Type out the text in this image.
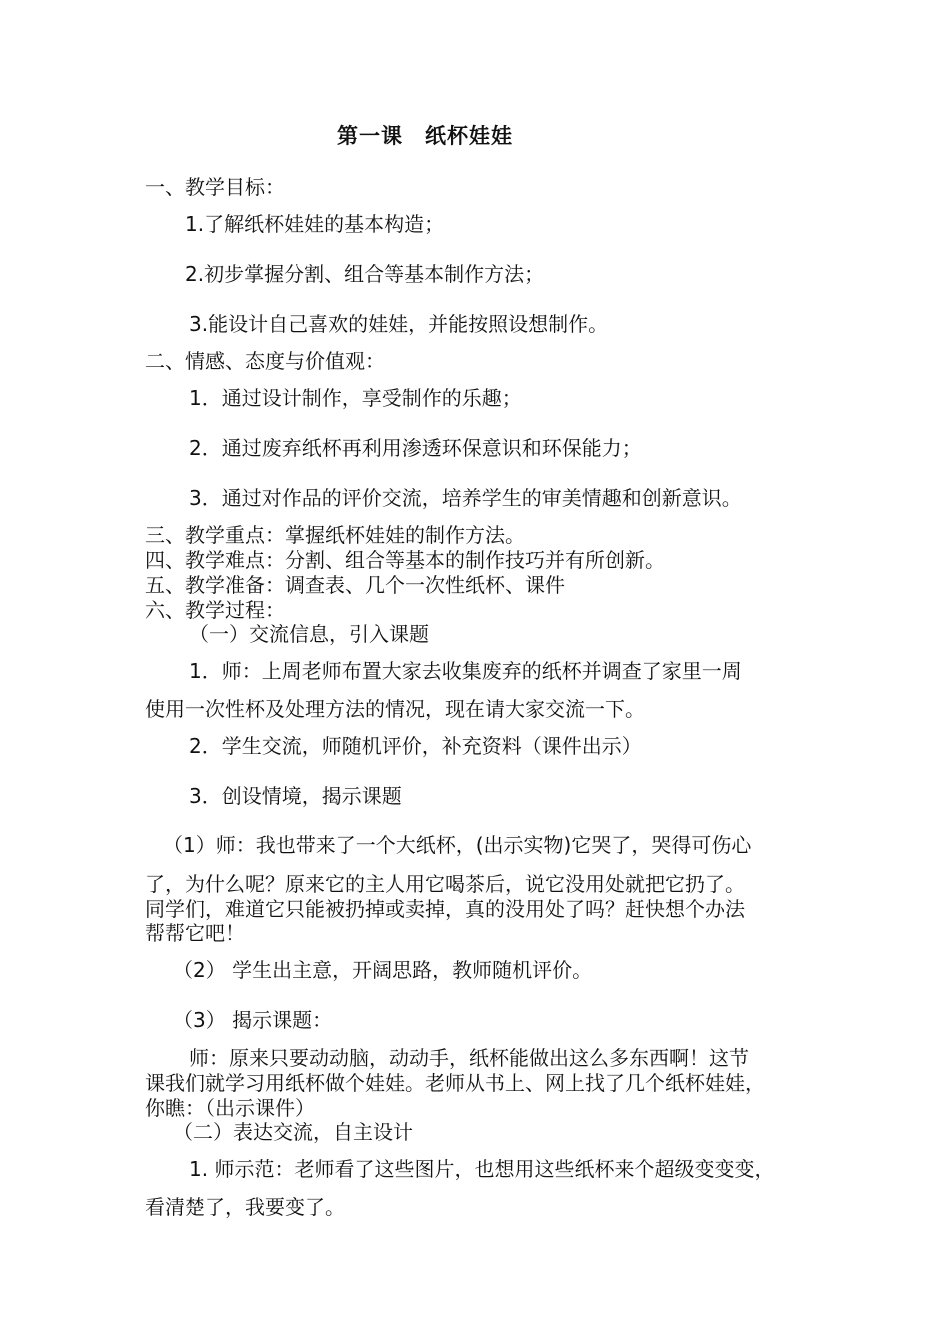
第一课　纸杯娃娃
一、教学目标：
1.了解纸杯娃娃的基本构造；
2.初步掌握分割、组合等基本制作方法；
3.能设计自己喜欢的娃娃，并能按照设想制作。
二、情感、态度与价值观：
1．通过设计制作，享受制作的乐趣；
2．通过废弃纸杯再利用渗透环保意识和环保能力；
3．通过对作品的评价交流，培养学生的审美情趣和创新意识。
三、教学重点：掌握纸杯娃娃的制作方法。
四、教学难点：分割、组合等基本的制作技巧并有所创新。
五、教学准备：调查表、几个一次性纸杯、课件
六、教学过程：
（一）交流信息，引入课题
1．师：上周老师布置大家去收集废弃的纸杯并调查了家里一周
使用一次性杯及处理方法的情况，现在请大家交流一下。
2．学生交流，师随机评价，补充资料（课件出示）
3．创设情境，揭示课题
（1）师：我也带来了一个大纸杯，(出示实物)它哭了，哭得可伤心
了，为什么呢？原来它的主人用它喝茶后，说它没用处就把它扔了。
同学们，难道它只能被扔掉或卖掉，真的没用处了吗？赶快想个办法
帮帮它吧！
（2） 学生出主意，开阔思路，教师随机评价。
（3） 揭示课题：
师：原来只要动动脑，动动手，纸杯能做出这么多东西啊！这节
课我们就学习用纸杯做个娃娃。老师从书上、网上找了几个纸杯娃娃，
你瞧：（出示课件）
（二）表达交流，自主设计
1. 师示范：老师看了这些图片，也想用这些纸杯来个超级变变变，
看清楚了，我要变了。
